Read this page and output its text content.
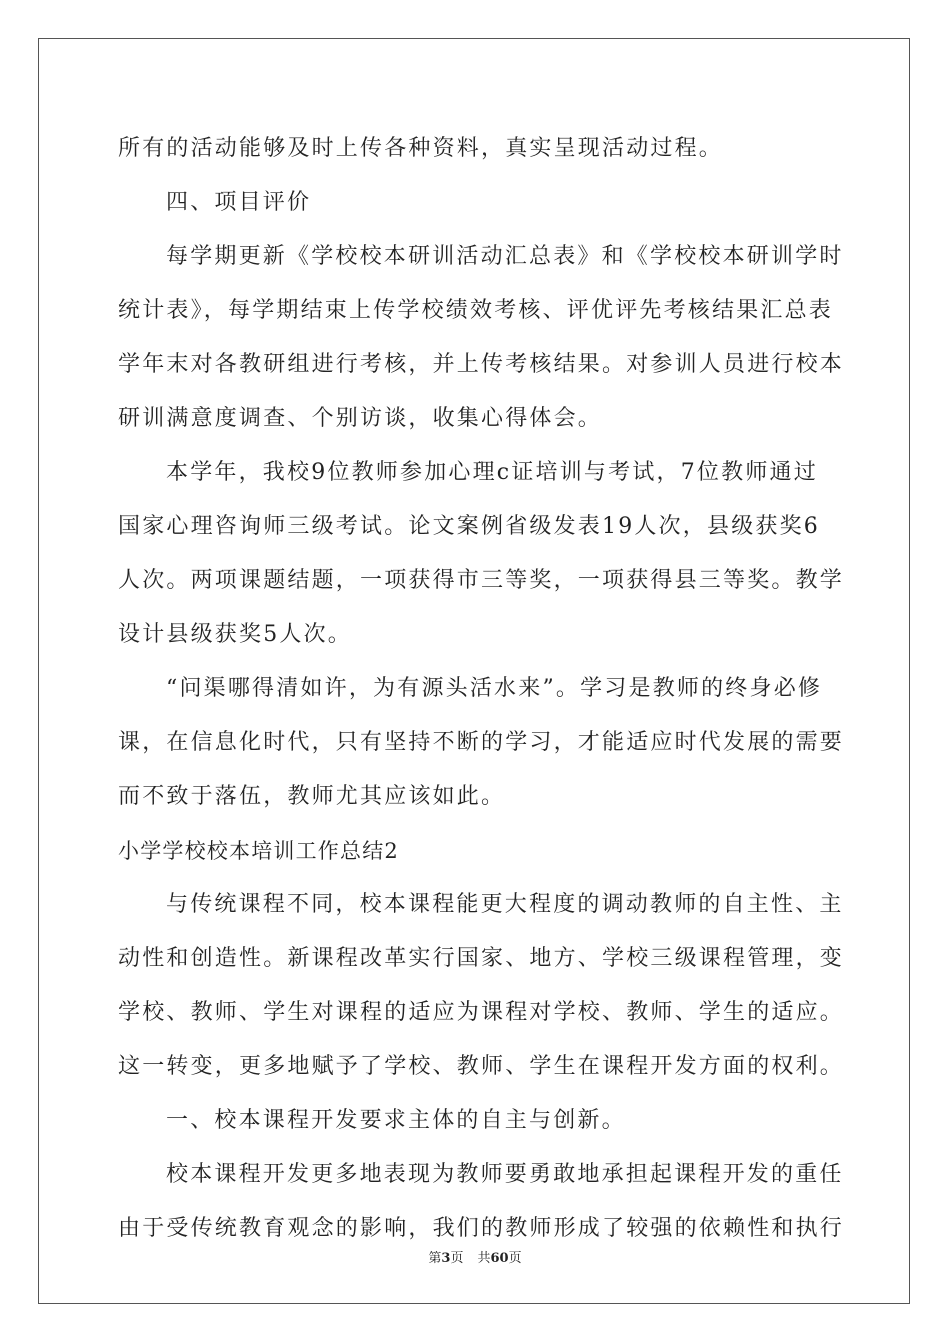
所有的活动能够及时上传各种资料，真实呈现活动过程。
四、项目评价
每学期更新《学校校本研训活动汇总表》和《学校校本研训学时
统计表》，每学期结束上传学校绩效考核、评优评先考核结果汇总表
学年末对各教研组进行考核，并上传考核结果。对参训人员进行校本
研训满意度调查、个别访谈，收集心得体会。
本学年，我校9位教师参加心理c证培训与考试，7位教师通过
国家心理咨询师三级考试。论文案例省级发表19人次，县级获奖6
人次。两项课题结题，一项获得市三等奖，一项获得县三等奖。教学
设计县级获奖5人次。
“问渠哪得清如许，为有源头活水来”。学习是教师的终身必修
课，在信息化时代，只有坚持不断的学习，才能适应时代发展的需要
而不致于落伍，教师尤其应该如此。
小学学校校本培训工作总结2
与传统课程不同，校本课程能更大程度的调动教师的自主性、主
动性和创造性。新课程改革实行国家、地方、学校三级课程管理，变
学校、教师、学生对课程的适应为课程对学校、教师、学生的适应。
这一转变，更多地赋予了学校、教师、学生在课程开发方面的权利。
一、校本课程开发要求主体的自主与创新。
校本课程开发更多地表现为教师要勇敢地承担起课程开发的重任
由于受传统教育观念的影响，我们的教师形成了较强的依赖性和执行
第3页 共60页
